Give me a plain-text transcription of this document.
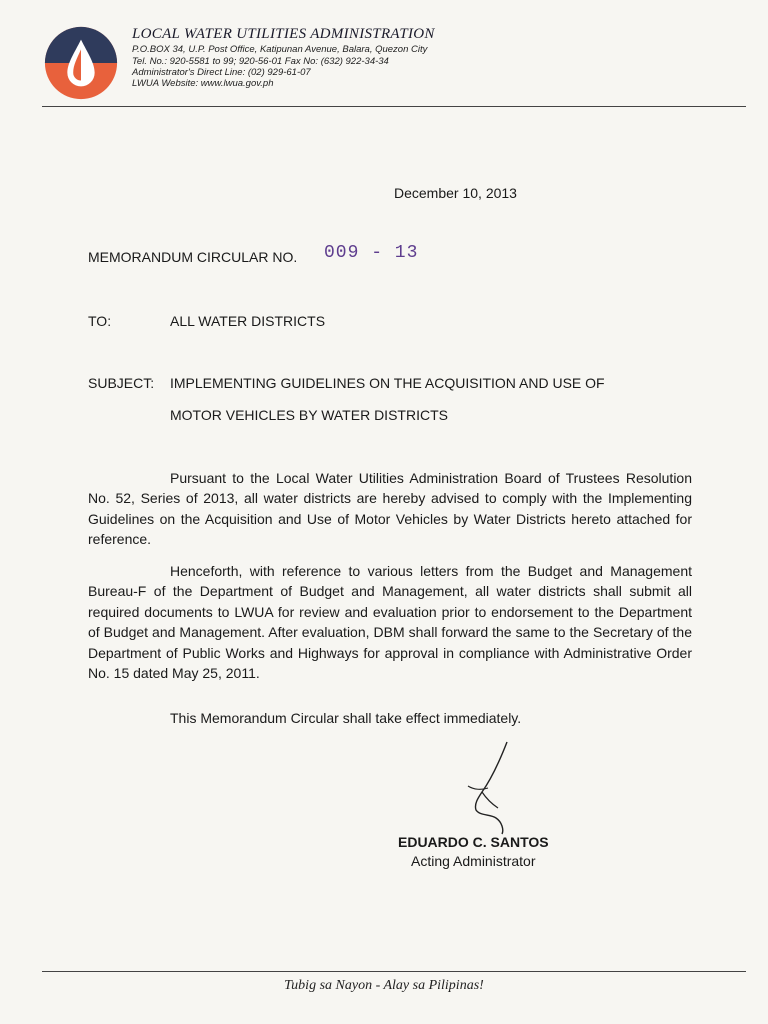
LOCAL WATER UTILITIES ADMINISTRATION
P.O.BOX 34, U.P. Post Office, Katipunan Avenue, Balara, Quezon City
Tel. No.: 920-5581 to 99; 920-56-01 Fax No: (632) 922-34-34
Administrator's Direct Line: (02) 929-61-07
LWUA Website: www.lwua.gov.ph
December 10, 2013
MEMORANDUM CIRCULAR NO. 009 - 13
TO:	ALL WATER DISTRICTS
SUBJECT: IMPLEMENTING GUIDELINES ON THE ACQUISITION AND USE OF
MOTOR VEHICLES BY WATER DISTRICTS
Pursuant to the Local Water Utilities Administration Board of Trustees Resolution No. 52, Series of 2013, all water districts are hereby advised to comply with the Implementing Guidelines on the Acquisition and Use of Motor Vehicles by Water Districts hereto attached for reference.
Henceforth, with reference to various letters from the Budget and Management Bureau-F of the Department of Budget and Management, all water districts shall submit all required documents to LWUA for review and evaluation prior to endorsement to the Department of Budget and Management. After evaluation, DBM shall forward the same to the Secretary of the Department of Public Works and Highways for approval in compliance with Administrative Order No. 15 dated May 25, 2011.
This Memorandum Circular shall take effect immediately.
EDUARDO C. SANTOS
Acting Administrator
Tubig sa Nayon - Alay sa Pilipinas!
